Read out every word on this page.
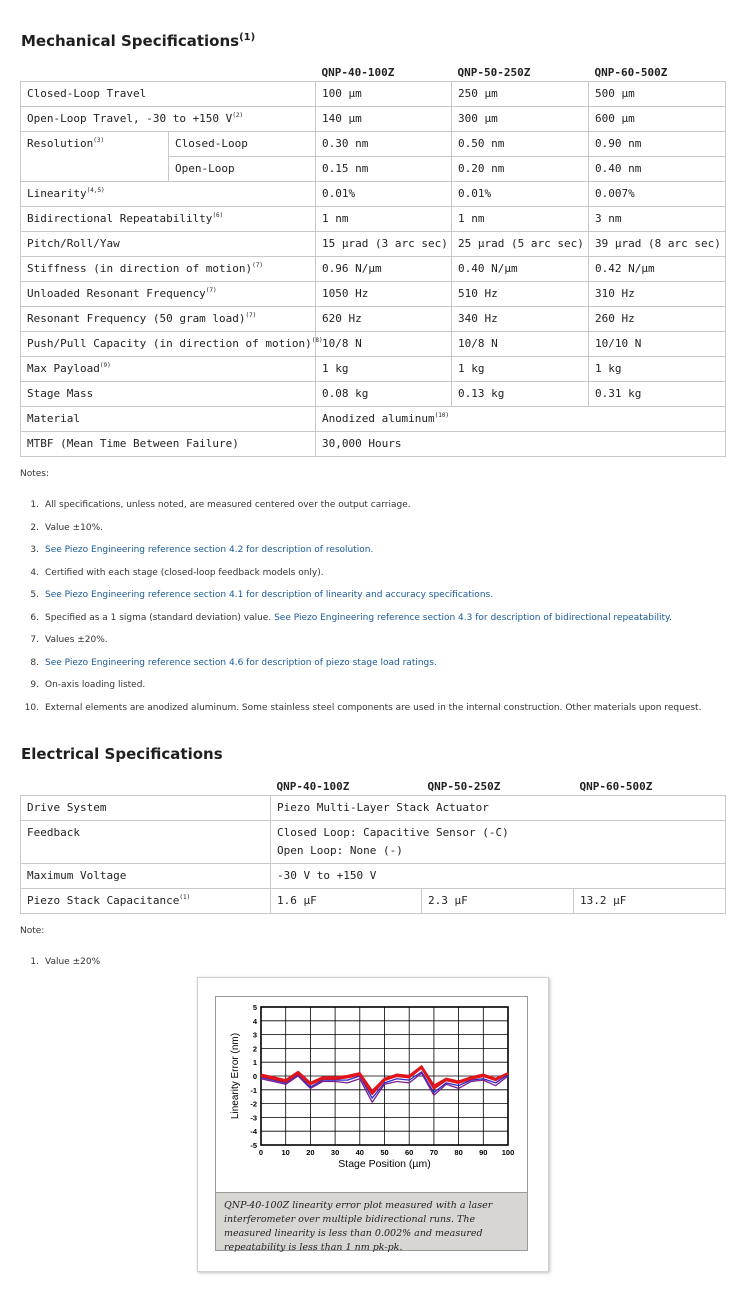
Mechanical Specifications$^{(1)}$
		QNP-40-100Z	QNP-50-250Z	QNP-60-500Z
Closed-Loop Travel		100 µm	250 µm	500 µm
Open-Loop Travel, -30 to +150 $V^{(2)}$		140 µm	300 µm	600 µm
Resolution$^{(3)}$	Closed-Loop	0.30 nm	0.50 nm	0.90 nm
	Open-Loop	0.15 nm	0.20 nm	0.40 nm
Linearity$^{(4,5)}$		0.01%	0.01%	0.007%
Bidirectional Repeatabililty$^{(6)}$		1 nm	1 nm	3 nm
Pitch/Roll/Yaw		15 µrad (3 arc sec)	25 µrad (5 arc sec)	39 µrad (8 arc sec)
Stiffness (in direction of motion)$^{(7)}$		0.96 N/µm	0.40 N/µm	0.42 N/µm
Unloaded Resonant Frequency$^{(7)}$		1050 Hz	510 Hz	310 Hz
Resonant Frequency (50 gram load)$^{(7)}$		620 Hz	340 Hz	260 Hz
Push/Pull Capacity (in direction of motion)$^{(8)}$		10/8 N	10/8 N	10/10 N
Max Payload$^{(9)}$		1 kg	1 kg	1 kg
Stage Mass		0.08 kg	0.13 kg	0.31 kg
Material		Anodized aluminum$^{(10)}$
MTBF (Mean Time Between Failure)		30,000 Hours		
Notes:
1. All specifications, unless noted, are measured centered over the output carriage.
2. Value ±10%.
3. See Piezo Engineering reference section 4.2 for description of resolution.
4. Certified with each stage (closed-loop feedback models only).
5. See Piezo Engineering reference section 4.1 for description of linearity and accuracy specifications.
6. Specified as a 1 sigma (standard deviation) value. See Piezo Engineering reference section 4.3 for description of bidirectional repeatability.
7. Values ±20%.
8. See Piezo Engineering reference section 4.6 for description of piezo stage load ratings.
9. On-axis loading listed.
10. External elements are anodized aluminum. Some stainless steel components are used in the internal construction. Other materials upon request.
Electrical Specifications
	QNP-40-100Z	QNP-50-250Z	QNP-60-500Z
Drive System	Piezo Multi-Layer Stack Actuator		
Feedback	Closed Loop: Capacitive Sensor (-C)
Open Loop: None (-)		

Maximum Voltage	-30 V to +150 V		
Piezo Stack Capacitance$^{(1)}$	1.6 µF	2.3 µF	13.2 µF
Note:
1. Value ±20%
0 10 20 30 40 50 60 70 80 90 100
-5
-4
-3
-2
-1
0
1
2
3
4
5
Stage Position (µm)
Linearity Error (nm)
QNP-40-100Z linearity error plot measured with a laser interferometer over multiple bidirectional runs. The measured linearity is less than 0.002% and measured repeatability is less than 1 nm pk-pk.
